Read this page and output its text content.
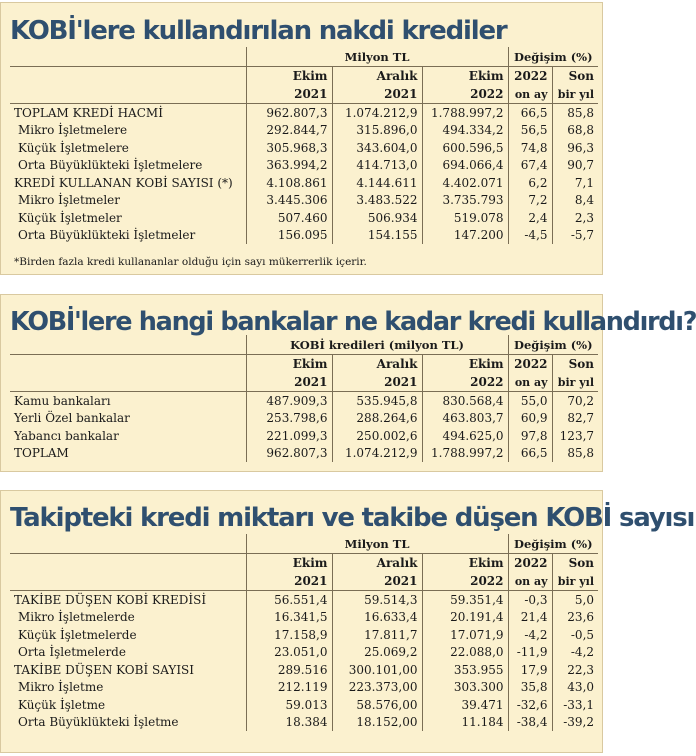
KOBİ'lere kullandırılan nakdi krediler
	Milyon TL			Değişim (%)	
	Ekim	Aralık	Ekim	2022	Son
	2021	2021	2022	on ay	bir yıl
TOPLAM KREDİ HACMİ	962.807,3	1.074.212,9	1.788.997,2	66,5	85,8
Mikro İşletmelere	292.844,7	315.896,0	494.334,2	56,5	68,8
Küçük İşletmelere	305.968,3	343.604,0	600.596,5	74,8	96,3
Orta Büyüklükteki İşletmelere	363.994,2	414.713,0	694.066,4	67,4	90,7
KREDİ KULLANAN KOBİ SAYISI (*)	4.108.861	4.144.611	4.402.071	6,2	7,1
Mikro İşletmeler	3.445.306	3.483.522	3.735.793	7,2	8,4
Küçük İşletmeler	507.460	506.934	519.078	2,4	2,3
Orta Büyüklükteki İşletmeler	156.095	154.155	147.200	-4,5	-5,7
*Birden fazla kredi kullananlar olduğu için sayı mükerrerlik içerir.
KOBİ'lere hangi bankalar ne kadar kredi kullandırdı?
	KOBİ kredileri (milyon TL)			Değişim (%)	
	Ekim	Aralık	Ekim	2022	Son
	2021	2021	2022	on ay	bir yıl
Kamu bankaları	487.909,3	535.945,8	830.568,4	55,0	70,2
Yerli Özel bankalar	253.798,6	288.264,6	463.803,7	60,9	82,7
Yabancı bankalar	221.099,3	250.002,6	494.625,0	97,8	123,7
TOPLAM	962.807,3	1.074.212,9	1.788.997,2	66,5	85,8
Takipteki kredi miktarı ve takibe düşen KOBİ sayısı
	Milyon TL			Değişim (%)	
	Ekim	Aralık	Ekim	2022	Son
	2021	2021	2022	on ay	bir yıl
TAKİBE DÜŞEN KOBİ KREDİSİ	56.551,4	59.514,3	59.351,4	-0,3	5,0
Mikro İşletmelerde	16.341,5	16.633,4	20.191,4	21,4	23,6
Küçük İşletmelerde	17.158,9	17.811,7	17.071,9	-4,2	-0,5
Orta İşletmelerde	23.051,0	25.069,2	22.088,0	-11,9	-4,2
TAKİBE DÜŞEN KOBİ SAYISI	289.516	300.101,00	353.955	17,9	22,3
Mikro İşletme	212.119	223.373,00	303.300	35,8	43,0
Küçük İşletme	59.013	58.576,00	39.471	-32,6	-33,1
Orta Büyüklükteki İşletme	18.384	18.152,00	11.184	-38,4	-39,2
